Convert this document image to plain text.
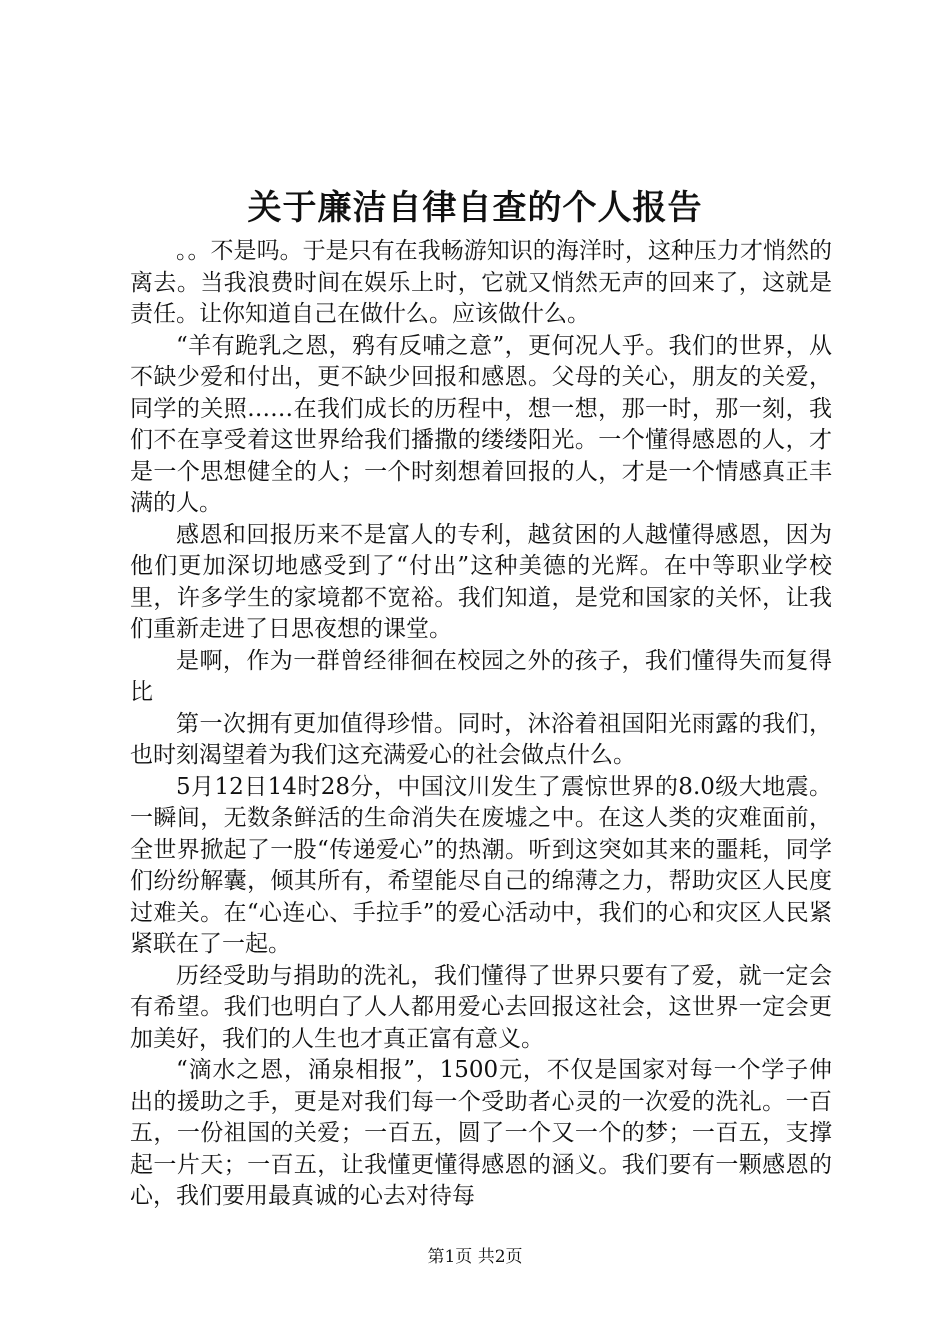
关于廉洁自律自查的个人报告

。。不是吗。于是只有在我畅游知识的海洋时，这种压力才悄然的离去。当我浪费时间在娱乐上时，它就又悄然无声的回来了，这就是责任。让你知道自己在做什么。应该做什么。

“羊有跪乳之恩，鸦有反哺之意”，更何况人乎。我们的世界，从不缺少爱和付出，更不缺少回报和感恩。父母的关心，朋友的关爱，同学的关照……在我们成长的历程中，想一想，那一时，那一刻，我们不在享受着这世界给我们播撒的缕缕阳光。一个懂得感恩的人，才是一个思想健全的人；一个时刻想着回报的人，才是一个情感真正丰满的人。

感恩和回报历来不是富人的专利，越贫困的人越懂得感恩，因为他们更加深切地感受到了“付出”这种美德的光辉。在中等职业学校里，许多学生的家境都不宽裕。我们知道，是党和国家的关怀，让我们重新走进了日思夜想的课堂。

是啊，作为一群曾经徘徊在校园之外的孩子，我们懂得失而复得比

第一次拥有更加值得珍惜。同时，沐浴着祖国阳光雨露的我们，也时刻渴望着为我们这充满爱心的社会做点什么。

5月12日14时28分，中国汶川发生了震惊世界的8.0级大地震。一瞬间，无数条鲜活的生命消失在废墟之中。在这人类的灾难面前，全世界掀起了一股“传递爱心”的热潮。听到这突如其来的噩耗，同学们纷纷解囊，倾其所有，希望能尽自己的绵薄之力，帮助灾区人民度过难关。在“心连心、手拉手”的爱心活动中，我们的心和灾区人民紧紧联在了一起。

历经受助与捐助的洗礼，我们懂得了世界只要有了爱，就一定会有希望。我们也明白了人人都用爱心去回报这社会，这世界一定会更加美好，我们的人生也才真正富有意义。

“滴水之恩，涌泉相报”，1500元，不仅是国家对每一个学子伸出的援助之手，更是对我们每一个受助者心灵的一次爱的洗礼。一百五，一份祖国的关爱；一百五，圆了一个又一个的梦；一百五，支撑起一片天；一百五，让我懂更懂得感恩的涵义。我们要有一颗感恩的心，我们要用最真诚的心去对待每

第1页 共2页
